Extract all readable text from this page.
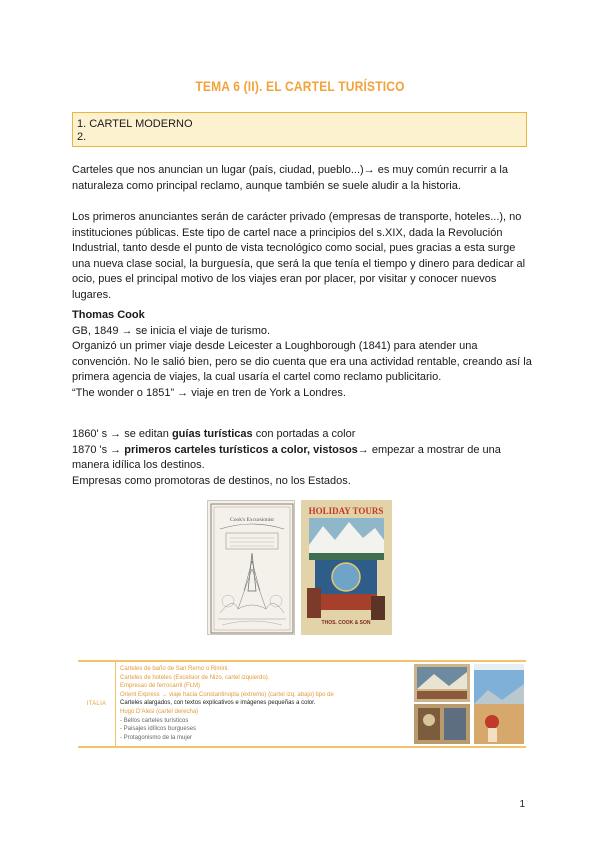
TEMA 6 (II). EL CARTEL TURÍSTICO
1. CARTEL MODERNO
2.

Carteles que nos anuncian un lugar (país, ciudad, pueblo...)→ es muy común recurrir a la naturaleza como principal reclamo, aunque también se suele aludir a la historia.

Los primeros anunciantes serán de carácter privado (empresas de transporte, hoteles...), no instituciones públicas. Este tipo de cartel nace a principios del s.XIX, dada la Revolución Industrial, tanto desde el punto de vista tecnológico como social, pues gracias a esta surge una nueva clase social, la burguesía, que será la que tenía el tiempo y dinero para dedicar al ocio, pues el principal motivo de los viajes eran por placer, por visitar y conocer nuevos lugares.

Thomas Cook
GB, 1849 → se inicia el viaje de turismo.
Organizó un primer viaje desde Leicester a Loughborough (1841) para atender una convención. No le salió bien, pero se dio cuenta que era una actividad rentable, creando así la primera agencia de viajes, la cual usaría el cartel como reclamo publicitario.
“The wonder o 1851” → viaje en tren de York a Londres.
1860' s → se editan guías turísticas con portadas a color
1870 's → primeros carteles turísticos a color, vistosos→ empezar a mostrar de una manera idílica los destinos.
Empresas como promotoras de destinos, no los Estados.
Cook's Excursionist
HOLIDAY TOURS
THOS. COOK & SON
ITALIA
Carteles de baño de San Remo o Rimini.
Carteles de hoteles (Excelsior de Nizo, cartel izquierdo).
Empresas de ferrocarril (FLM)
Orient Express → viaje hacia Constantinopla (extremo) (cartel izq. abajo) tipo de
Carteles alargados, con textos explicativos e imágenes pequeñas a color.
Hugo D'Alesi (cartel derecha)
- Bellos carteles turísticos
- Paisajes idílicos burgueses
- Protagonismo de la mujer
1
